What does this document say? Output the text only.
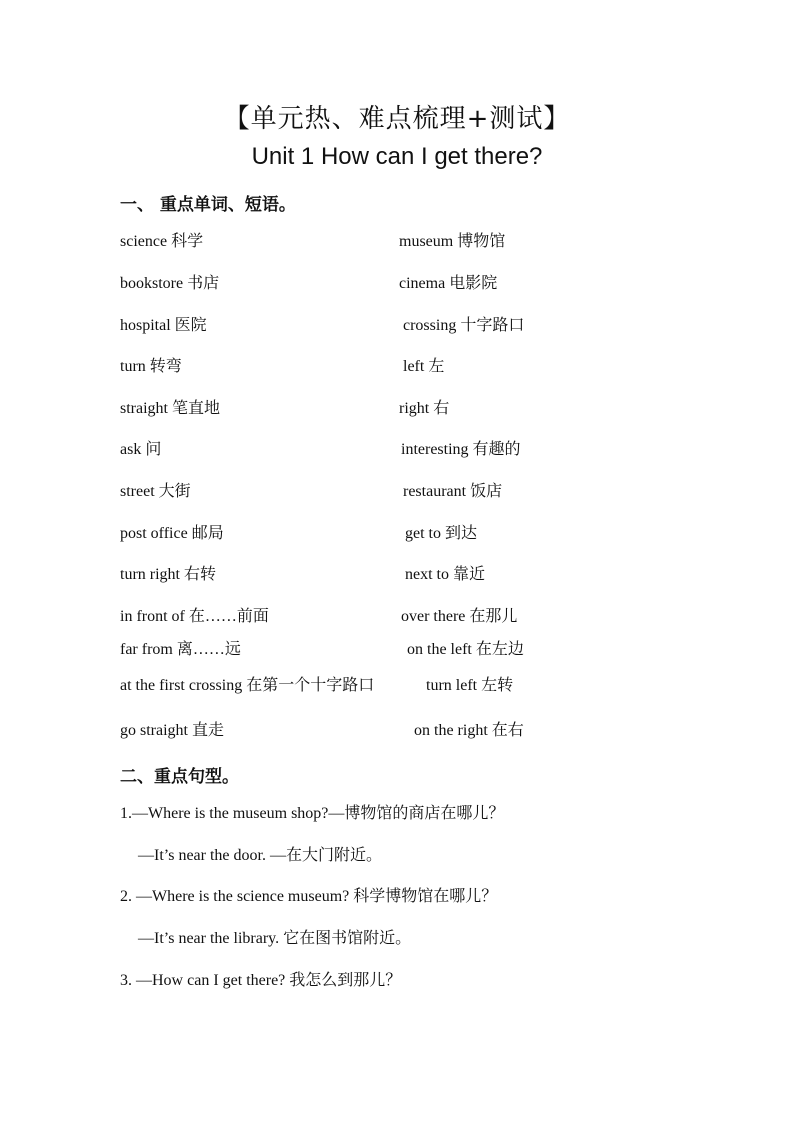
【单元热、难点梳理+测试】
Unit 1 How can I get there?
一、 重点单词、短语。
science 科学	museum 博物馆
bookstore 书店	cinema 电影院
hospital 医院	crossing 十字路口
turn 转弯	left 左
straight 笔直地	right 右
ask 问	interesting 有趣的
street 大街	restaurant 饭店
post office 邮局	get to 到达
turn right 右转	next to 靠近
in front of 在……前面	over there 在那儿
far from 离……远	on the left 在左边
at the first crossing 在第一个十字路口	turn left 左转
go straight 直走	on the right 在右
二、重点句型。
1.—Where is the museum shop?—博物馆的商店在哪儿？
—It’s near the door. —在大门附近。
2. —Where is the science museum? 科学博物馆在哪儿？
—It’s near the library. 它在图书馆附近。
3. —How can I get there? 我怎么到那儿？
